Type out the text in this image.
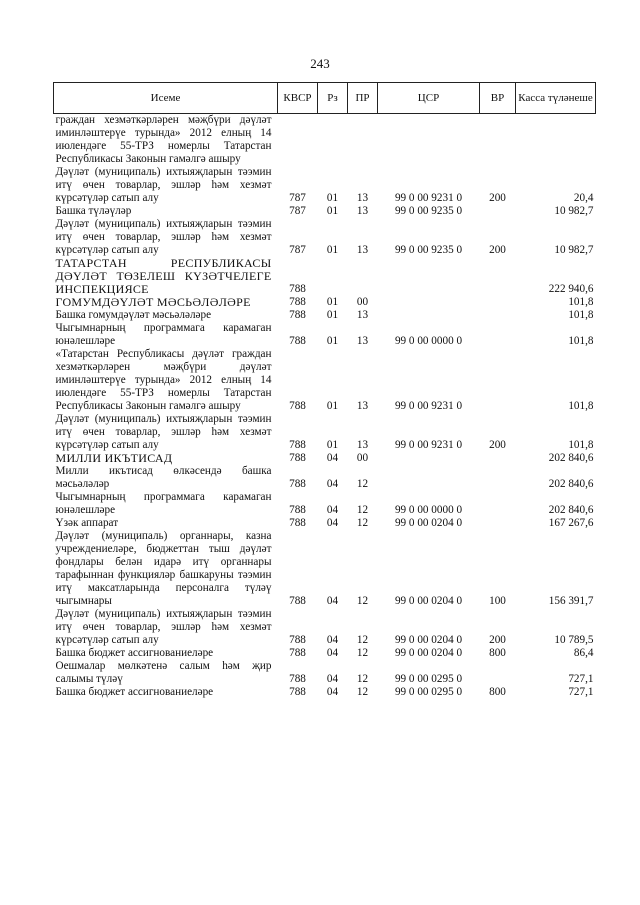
243
Исеме	КВСР	Рз	ПР	ЦСР	ВР	Касса түләнеше
граждан хезмәткәрләрен мәҗбүри дәүләт иминләштерүе турында» 2012 елның 14 июлендәге 55-ТРЗ номерлы Татарстан Республикасы Законын гамәлгә ашыру						
Дәүләт (муниципаль) ихтыяҗларын тәэмин итү өчен товарлар, эшләр һәм хезмәт күрсәтүләр сатып алу	787	01	13	99 0 00 9231 0	200	20,4
Башка түләүләр	787	01	13	99 0 00 9235 0		10 982,7
Дәүләт (муниципаль) ихтыяҗларын тәэмин итү өчен товарлар, эшләр һәм хезмәт күрсәтүләр сатып алу	787	01	13	99 0 00 9235 0	200	10 982,7
ТАТАРСТАН РЕСПУБЛИКАСЫ ДӘҮЛӘТ ТӨЗЕЛЕШ КҮЗӘТЧЕЛЕГЕ ИНСПЕКЦИЯСЕ	788					222 940,6
ГОМУМДӘҮЛӘТ МӘСЬӘЛӘЛӘРЕ	788	01	00			101,8
Башка гомумдәүләт мәсьәләләре	788	01	13			101,8
Чыгымнарның программага карамаган юнәлешләре	788	01	13	99 0 00 0000 0		101,8
«Татарстан Республикасы дәүләт граждан хезмәткәрләрен мәҗбүри дәүләт иминләштерүе турында» 2012 елның 14 июлендәге 55-ТРЗ номерлы Татарстан Республикасы Законын гамәлгә ашыру	788	01	13	99 0 00 9231 0		101,8
Дәүләт (муниципаль) ихтыяҗларын тәэмин итү өчен товарлар, эшләр һәм хезмәт күрсәтүләр сатып алу	788	01	13	99 0 00 9231 0	200	101,8
МИЛЛИ ИКЪТИСАД	788	04	00			202 840,6
Милли икътисад өлкәсендә башка мәсьәләләр	788	04	12			202 840,6
Чыгымнарның программага карамаган юнәлешләре	788	04	12	99 0 00 0000 0		202 840,6
Үзәк аппарат	788	04	12	99 0 00 0204 0		167 267,6
Дәүләт (муниципаль) органнары, казна учреждениеләре, бюджеттан тыш дәүләт фондлары белән идарә итү органнары тарафыннан функцияләр башкаруны тәэмин итү максатларында персоналга түләү чыгымнары	788	04	12	99 0 00 0204 0	100	156 391,7
Дәүләт (муниципаль) ихтыяҗларын тәэмин итү өчен товарлар, эшләр һәм хезмәт күрсәтүләр сатып алу	788	04	12	99 0 00 0204 0	200	10 789,5
Башка бюджет ассигнованиеләре	788	04	12	99 0 00 0204 0	800	86,4
Оешмалар мөлкәтенә салым һәм җир салымы түләү	788	04	12	99 0 00 0295 0		727,1
Башка бюджет ассигнованиеләре	788	04	12	99 0 00 0295 0	800	727,1
